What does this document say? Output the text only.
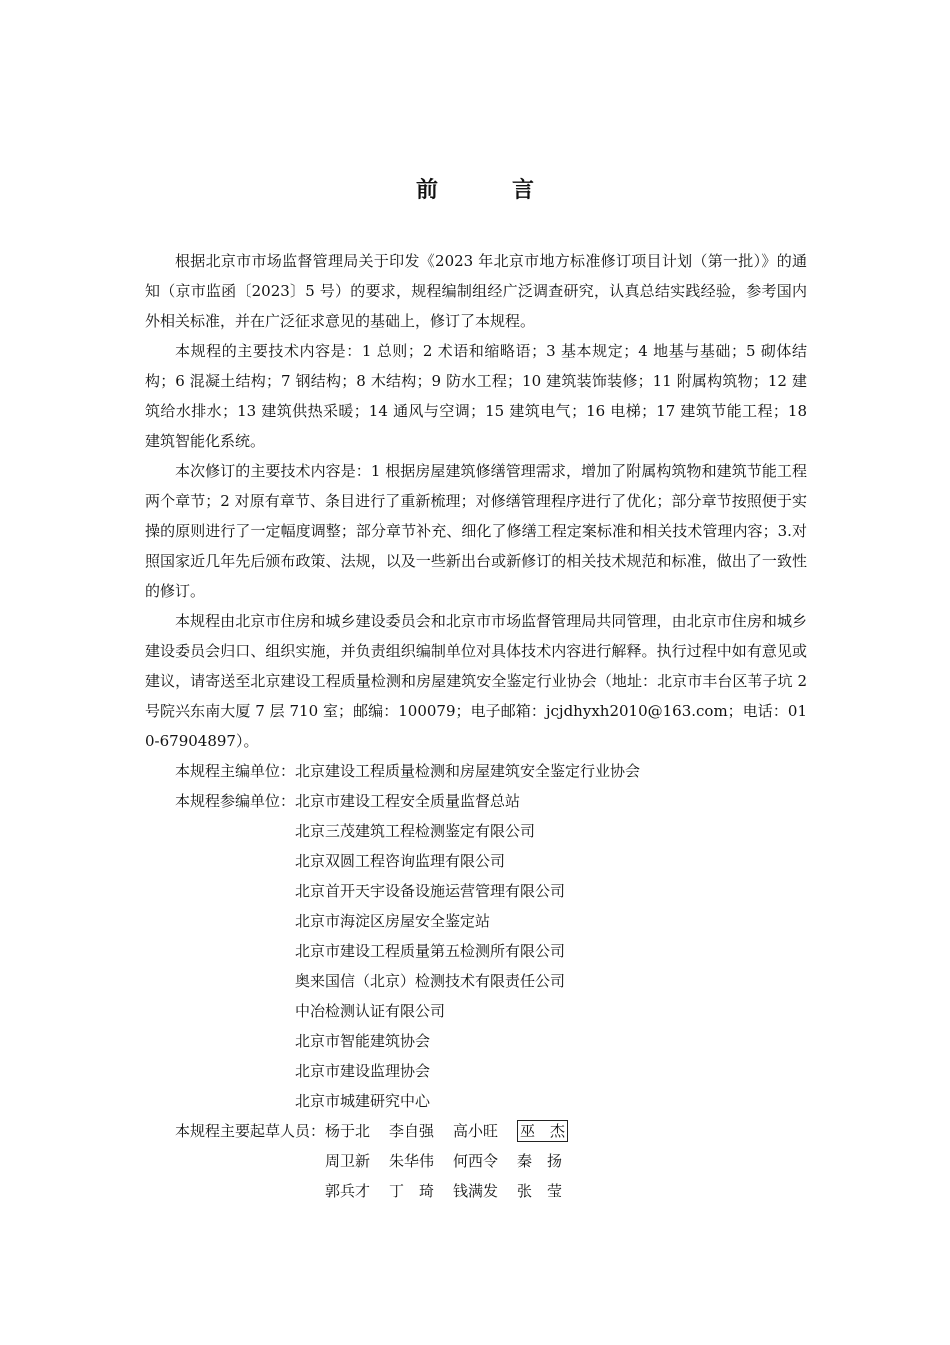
前　言

根据北京市市场监督管理局关于印发《2023 年北京市地方标准修订项目计划（第一批）》的通知（京市监函〔2023〕5 号）的要求，规程编制组经广泛调查研究，认真总结实践经验，参考国内外相关标准，并在广泛征求意见的基础上，修订了本规程。

本规程的主要技术内容是：1 总则；2 术语和缩略语；3 基本规定；4 地基与基础；5 砌体结构；6 混凝土结构；7 钢结构；8 木结构；9 防水工程；10 建筑装饰装修；11 附属构筑物；12 建筑给水排水；13 建筑供热采暖；14 通风与空调；15 建筑电气；16 电梯；17 建筑节能工程；18 建筑智能化系统。

本次修订的主要技术内容是：1 根据房屋建筑修缮管理需求，增加了附属构筑物和建筑节能工程两个章节；2 对原有章节、条目进行了重新梳理；对修缮管理程序进行了优化；部分章节按照便于实操的原则进行了一定幅度调整；部分章节补充、细化了修缮工程定案标准和相关技术管理内容；3.对照国家近几年先后颁布政策、法规，以及一些新出台或新修订的相关技术规范和标准，做出了一致性的修订。

本规程由北京市住房和城乡建设委员会和北京市市场监督管理局共同管理，由北京市住房和城乡建设委员会归口、组织实施，并负责组织编制单位对具体技术内容进行解释。执行过程中如有意见或建议，请寄送至北京建设工程质量检测和房屋建筑安全鉴定行业协会（地址：北京市丰台区苇子坑 2 号院兴东南大厦 7 层 710 室；邮编：100079；电子邮箱：jcjdhyxh2010@163.com；电话：010-67904897）。

本规程主编单位： 北京建设工程质量检测和房屋建筑安全鉴定行业协会
本规程参编单位： 北京市建设工程安全质量监督总站
北京三茂建筑工程检测鉴定有限公司
北京双圆工程咨询监理有限公司
北京首开天宇设备设施运营管理有限公司
北京市海淀区房屋安全鉴定站
北京市建设工程质量第五检测所有限公司
奥来国信（北京）检测技术有限责任公司
中冶检测认证有限公司
北京市智能建筑协会
北京市建设监理协会
北京市城建研究中心
本规程主要起草人员： 杨于北	李自强	高小旺	巫　杰
周卫新	朱华伟	何西令	秦　扬
郭兵才	丁　琦	钱满发	张　莹
